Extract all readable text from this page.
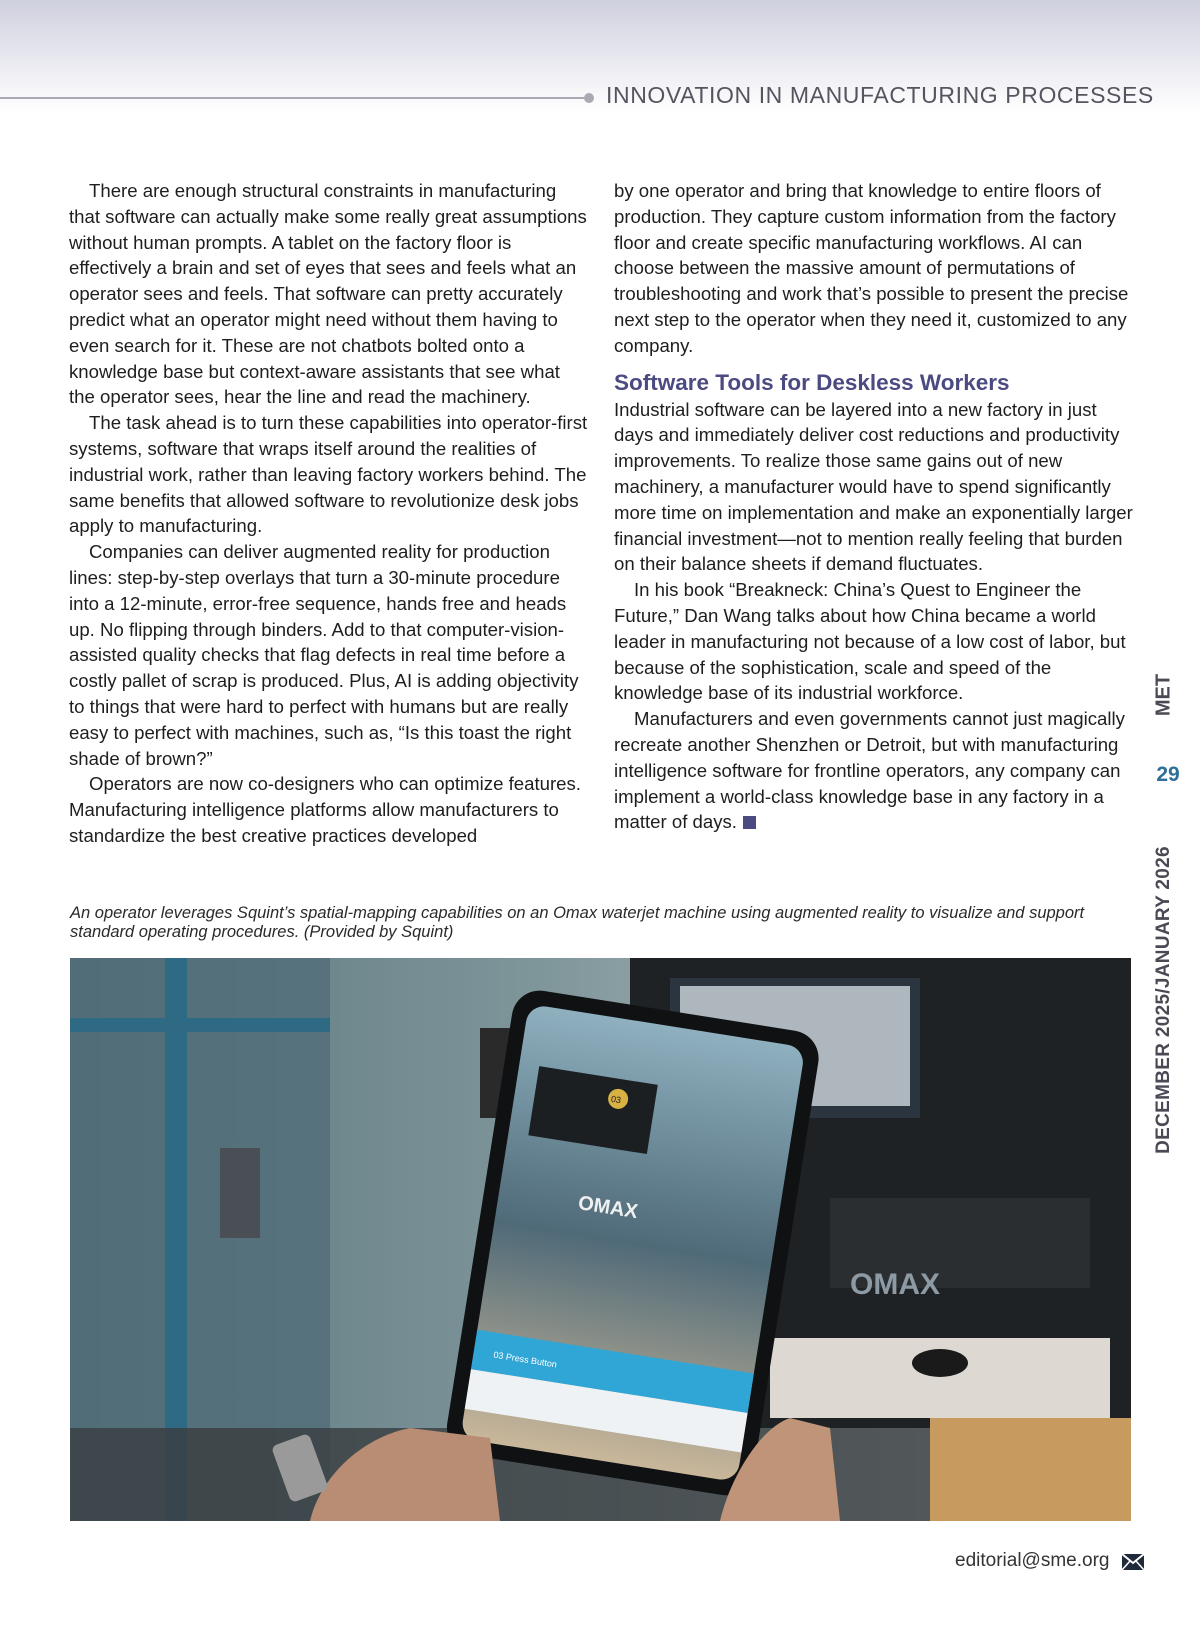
INNOVATION IN MANUFACTURING PROCESSES

There are enough structural constraints in manufacturing that software can actually make some really great assumptions without human prompts. A tablet on the factory floor is effectively a brain and set of eyes that sees and feels what an operator sees and feels. That software can pretty accurately predict what an operator might need without them having to even search for it. These are not chatbots bolted onto a knowledge base but context-aware assistants that see what the operator sees, hear the line and read the machinery.

The task ahead is to turn these capabilities into operator-first systems, software that wraps itself around the realities of industrial work, rather than leaving factory workers behind. The same benefits that allowed software to revolutionize desk jobs apply to manufacturing.

Companies can deliver augmented reality for production lines: step-by-step overlays that turn a 30-minute procedure into a 12-minute, error-free sequence, hands free and heads up. No flipping through binders. Add to that computer-vision-assisted quality checks that flag defects in real time before a costly pallet of scrap is produced. Plus, AI is adding objectivity to things that were hard to perfect with humans but are really easy to perfect with machines, such as, “Is this toast the right shade of brown?”

Operators are now co-designers who can optimize features. Manufacturing intelligence platforms allow manufacturers to standardize the best creative practices developed

by one operator and bring that knowledge to entire floors of production. They capture custom information from the factory floor and create specific manufacturing workflows. AI can choose between the massive amount of permutations of troubleshooting and work that’s possible to present the precise next step to the operator when they need it, customized to any company.

Software Tools for Deskless Workers

Industrial software can be layered into a new factory in just days and immediately deliver cost reductions and productivity improvements. To realize those same gains out of new machinery, a manufacturer would have to spend significantly more time on implementation and make an exponentially larger financial investment—not to mention really feeling that burden on their balance sheets if demand fluctuates.

In his book “Breakneck: China’s Quest to Engineer the Future,” Dan Wang talks about how China became a world leader in manufacturing not because of a low cost of labor, but because of the sophistication, scale and speed of the knowledge base of its industrial workforce.

Manufacturers and even governments cannot just magically recreate another Shenzhen or Detroit, but with manufacturing intelligence software for frontline operators, any company can implement a world-class knowledge base in any factory in a matter of days.

An operator leverages Squint’s spatial-mapping capabilities on an Omax waterjet machine using augmented reality to visualize and support standard operating procedures. (Provided by Squint)
OMAX
03
OMAX
03 Press Button
MET
29
DECEMBER 2025/JANUARY 2026
editorial@sme.org
